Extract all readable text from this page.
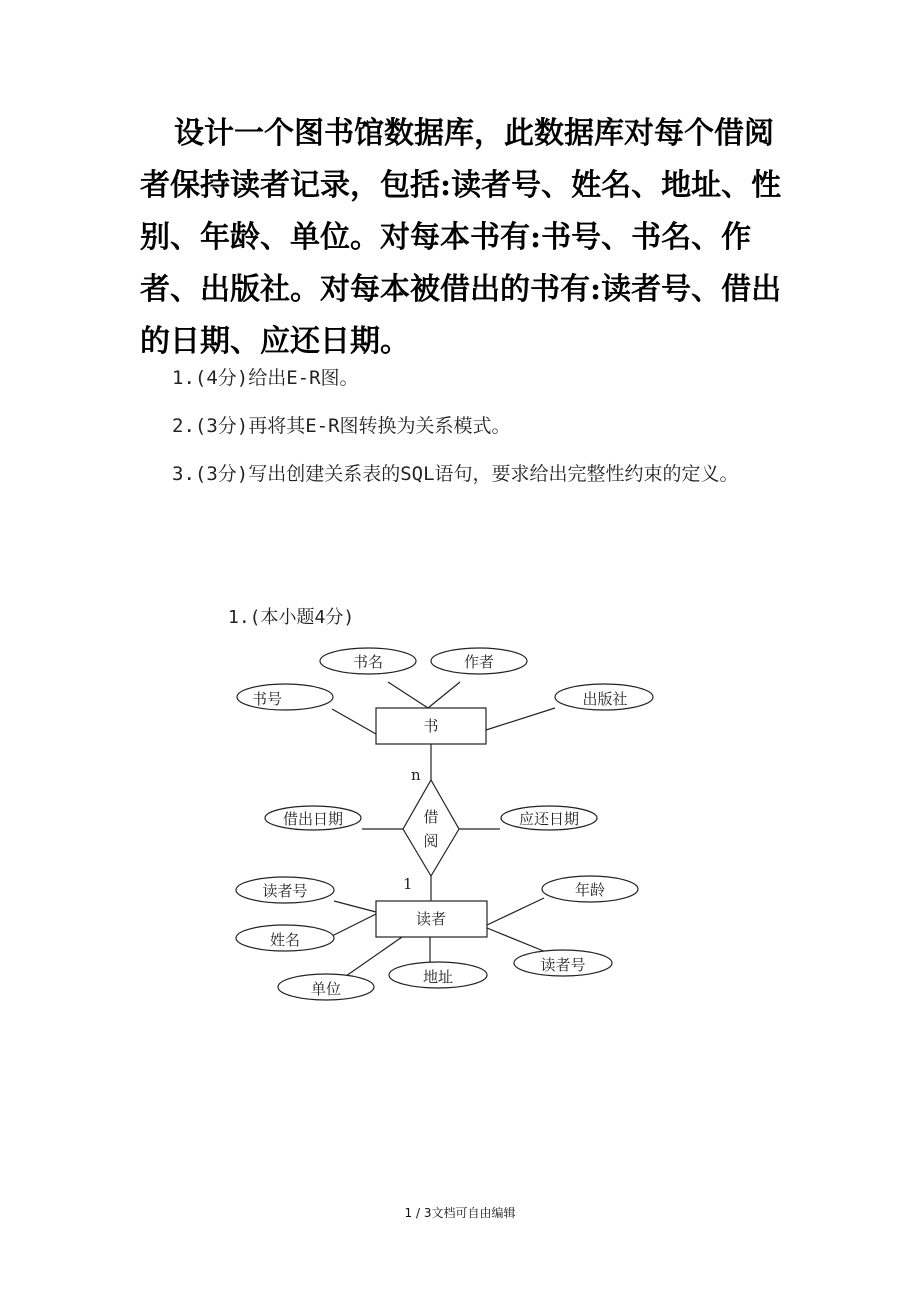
设计一个图书馆数据库，此数据库对每个借阅者保持读者记录，包括:读者号、姓名、地址、性别、年龄、单位。对每本书有:书号、书名、作者、出版社。对每本被借出的书有:读者号、借出的日期、应还日期。

1.(4分)给出E-R图。

2.(3分)再将其E-R图转换为关系模式。

3.(3分)写出创建关系表的SQL语句，要求给出完整性约束的定义。

1.(本小题4分)

书
读者
借
阅
书名	作者
书号	出版社
借出日期	应还日期
读者号
姓名
单位
地址
年龄
读者号
n
1
1 / 3文档可自由编辑
